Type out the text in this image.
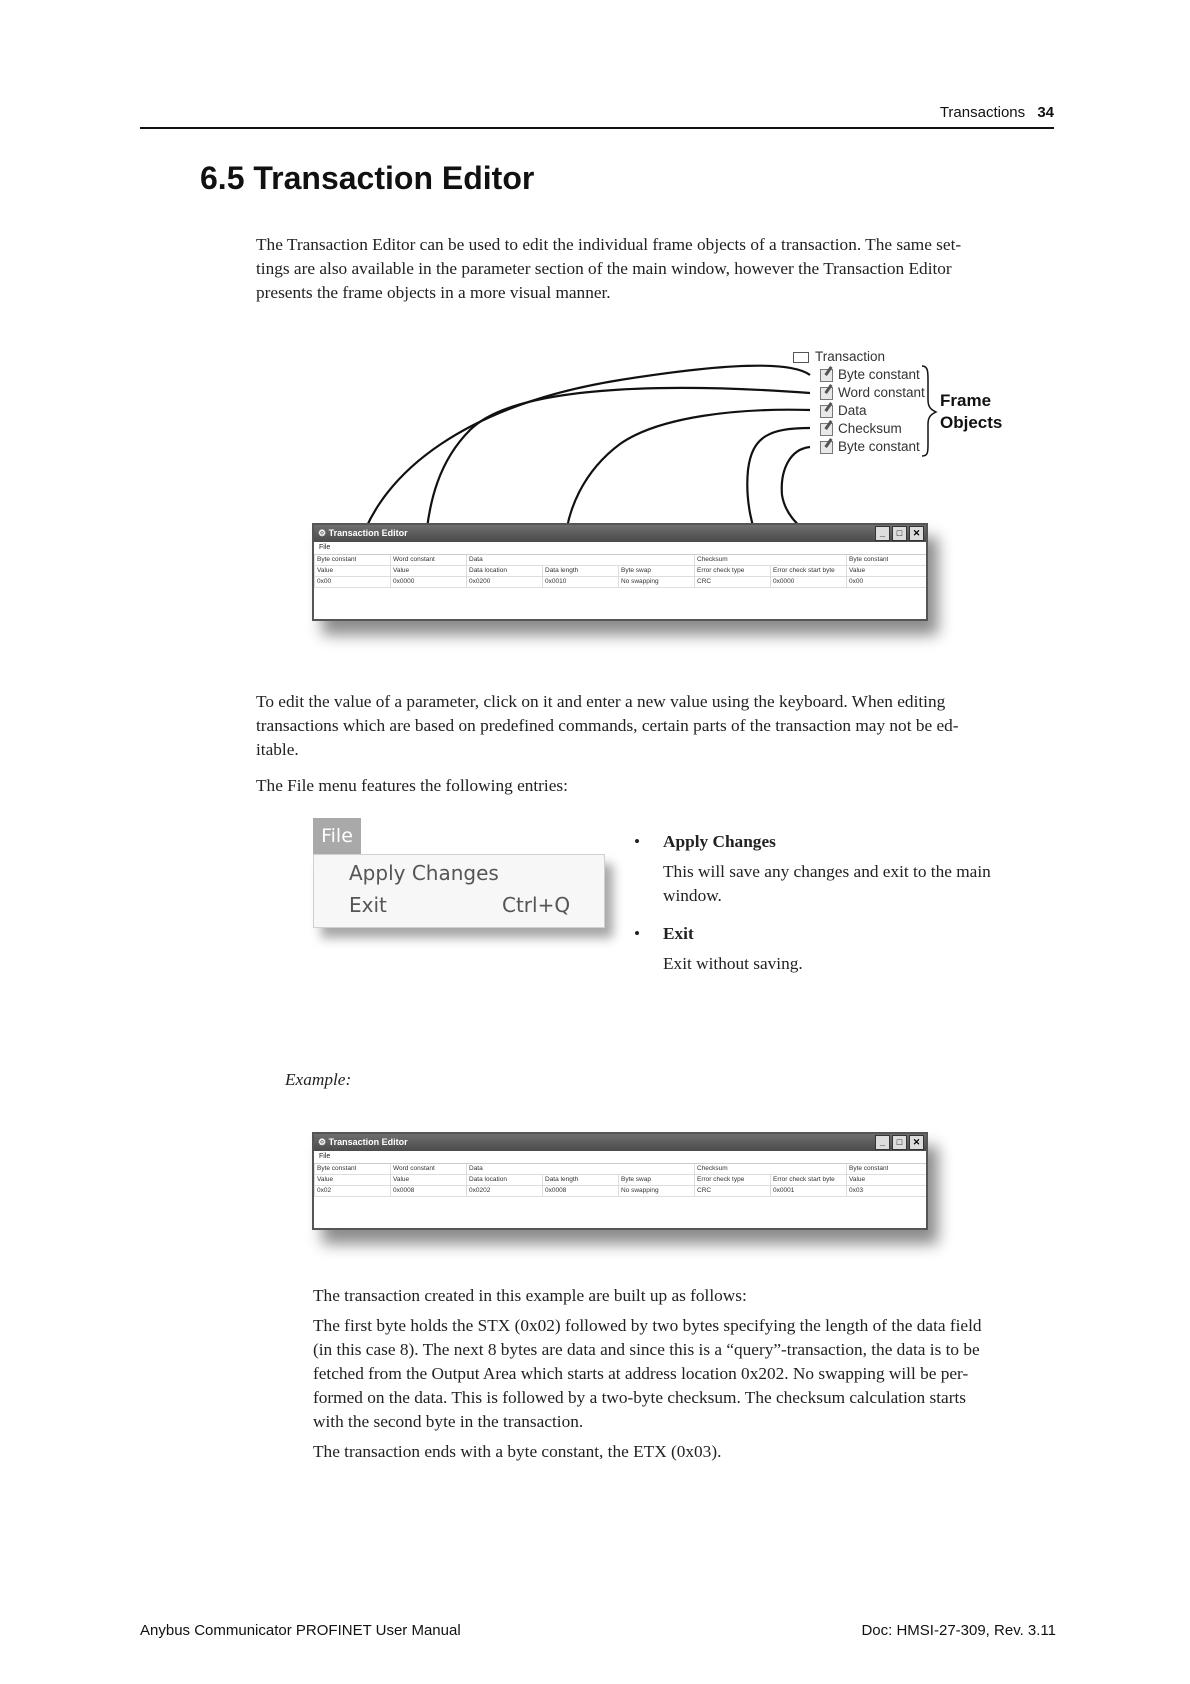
Transactions 34
6.5 Transaction Editor
The Transaction Editor can be used to edit the individual frame objects of a transaction. The same set-
tings are also available in the parameter section of the main window, however the Transaction Editor
presents the frame objects in a more visual manner.
Transaction
Byte constant
Word constant
Data
Checksum
Byte constant
Frame
Objects
⚙ Transaction Editor	_	□	✕
File
Byte constant	Word constant	Data	Checksum	Byte constant
Value	Value	Data location	Data length	Byte swap	Error check type	Error check start byte	Value
0x00	0x0000	0x0200	0x0010	No swapping	CRC	0x0000	0x00
To edit the value of a parameter, click on it and enter a new value using the keyboard. When editing
transactions which are based on predefined commands, certain parts of the transaction may not be ed-
itable.
The File menu features the following entries:
File
Apply Changes
Exit	Ctrl+Q
• Apply Changes
This will save any changes and exit to the main
window.
• Exit
Exit without saving.
Example:
⚙ Transaction Editor	_	□	✕
File
Byte constant	Word constant	Data	Checksum	Byte constant
Value	Value	Data location	Data length	Byte swap	Error check type	Error check start byte	Value
0x02	0x0008	0x0202	0x0008	No swapping	CRC	0x0001	0x03
The transaction created in this example are built up as follows:
The first byte holds the STX (0x02) followed by two bytes specifying the length of the data field
(in this case 8). The next 8 bytes are data and since this is a “query”-transaction, the data is to be
fetched from the Output Area which starts at address location 0x202. No swapping will be per-
formed on the data. This is followed by a two-byte checksum. The checksum calculation starts
with the second byte in the transaction.
The transaction ends with a byte constant, the ETX (0x03).
Anybus Communicator PROFINET User Manual	Doc: HMSI-27-309, Rev. 3.11
